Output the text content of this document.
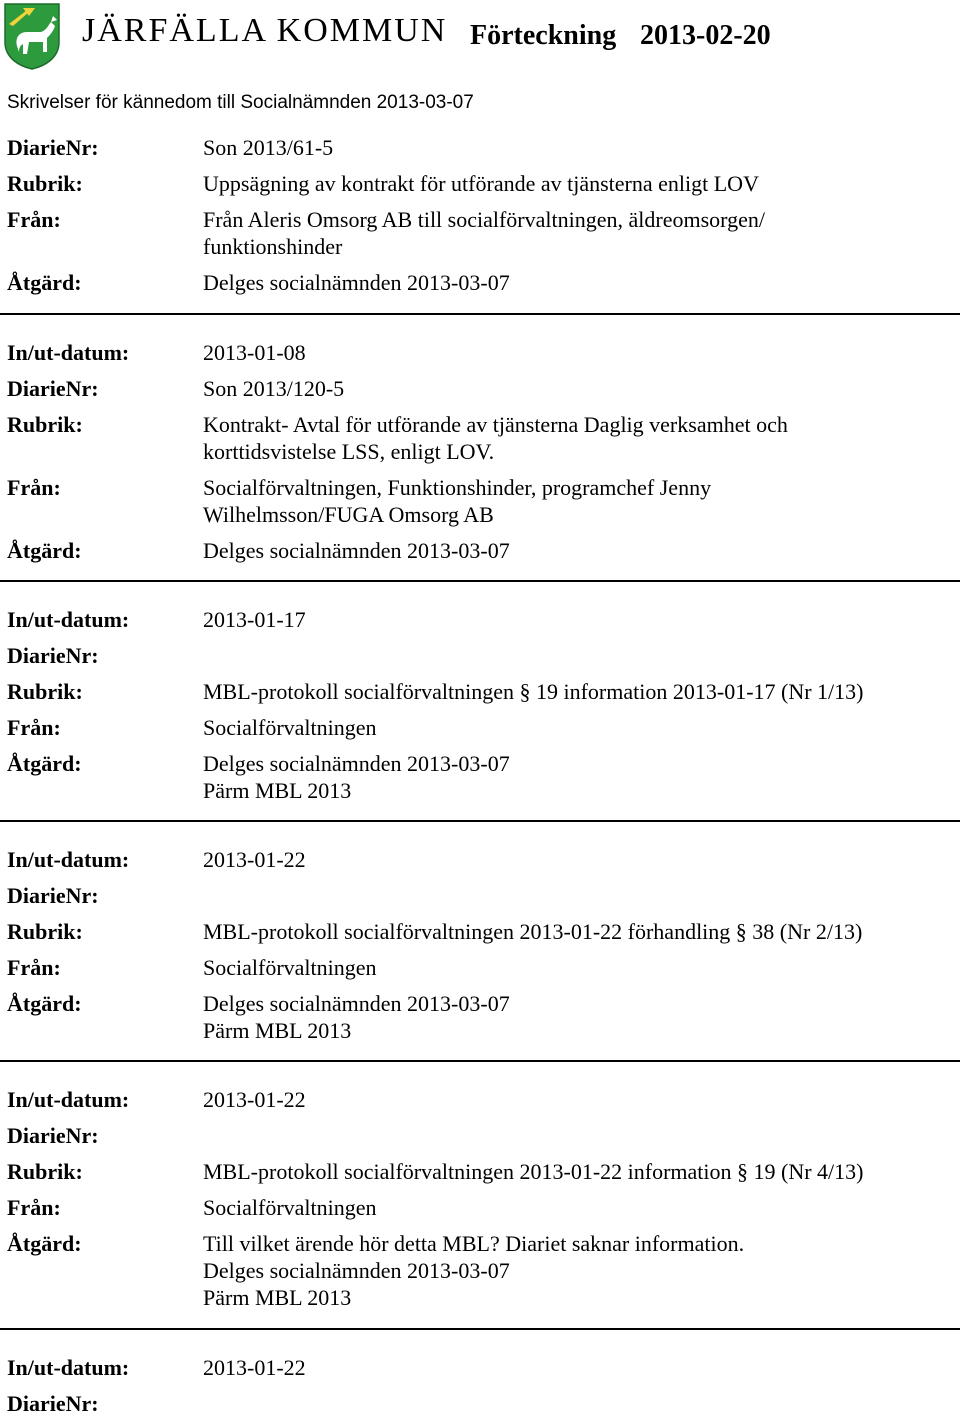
JÄRFÄLLA KOMMUN Förteckning 2013-02-20
Skrivelser för kännedom till Socialnämnden 2013-03-07
DiarieNr:	Son 2013/61-5
Rubrik:	Uppsägning av kontrakt för utförande av tjänsterna enligt LOV
Från:	Från Aleris Omsorg AB till socialförvaltningen, äldreomsorgen/
funktionshinder
Åtgärd:	Delges socialnämnden 2013-03-07
In/ut-datum:	2013-01-08
DiarieNr:	Son 2013/120-5
Rubrik:	Kontrakt- Avtal för utförande av tjänsterna Daglig verksamhet och
korttidsvistelse LSS, enligt LOV.
Från:	Socialförvaltningen, Funktionshinder, programchef Jenny
Wilhelmsson/FUGA Omsorg AB
Åtgärd:	Delges socialnämnden 2013-03-07
In/ut-datum:	2013-01-17
DiarieNr:
Rubrik:	MBL-protokoll socialförvaltningen § 19 information 2013-01-17 (Nr 1/13)
Från:	Socialförvaltningen
Åtgärd:	Delges socialnämnden 2013-03-07
Pärm MBL 2013
In/ut-datum:	2013-01-22
DiarieNr:
Rubrik:	MBL-protokoll socialförvaltningen 2013-01-22 förhandling § 38 (Nr 2/13)
Från:	Socialförvaltningen
Åtgärd:	Delges socialnämnden 2013-03-07
Pärm MBL 2013
In/ut-datum:	2013-01-22
DiarieNr:
Rubrik:	MBL-protokoll socialförvaltningen 2013-01-22 information § 19 (Nr 4/13)
Från:	Socialförvaltningen
Åtgärd:	Till vilket ärende hör detta MBL? Diariet saknar information.
Delges socialnämnden 2013-03-07
Pärm MBL 2013
In/ut-datum:	2013-01-22
DiarieNr:
